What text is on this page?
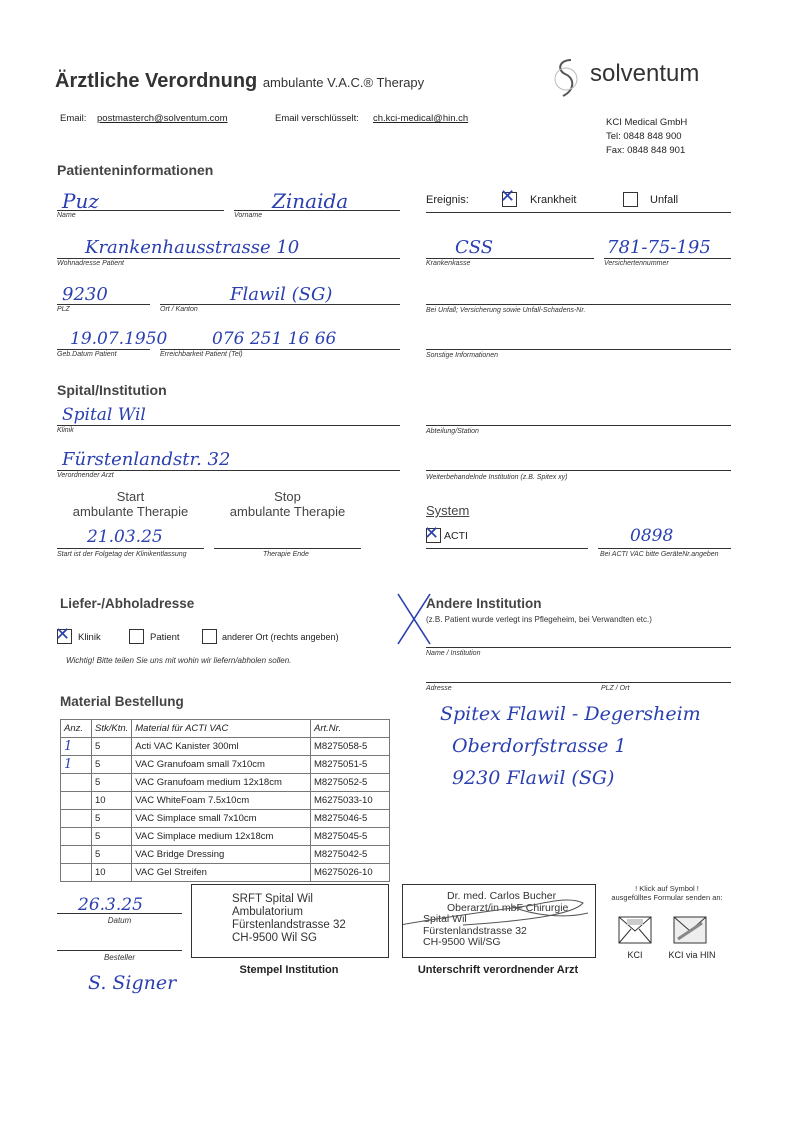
Ärztliche Verordnung ambulante V.A.C.® Therapy	solventum
Email: postmasterch@solventum.com	Email verschlüsselt: ch.kci-medical@hin.ch	KCI Medical GmbH
Tel: 0848 848 900
Fax: 0848 848 901
Patienteninformationen
Puz
Name
Zinaida
Vorname
Ereignis: ✕ Krankheit	Unfall
Krankenhausstrasse 10
Wohnadresse Patient
CSS
Krankenkasse
781-75-195
Versichertennummer
9230
PLZ
Flawil (SG)
Ort / Kanton	Bei Unfall; Versicherung sowie Unfall-Schadens-Nr.
19.07.1950
Geb.Datum Patient
076 251 16 66
Erreichbarkeit Patient (Tel)	Sonstige Informationen
Spital/Institution
Spital Wil
Klinik	Abteilung/Station
Fürstenlandstr. 32
Verordnender Arzt	Weiterbehandelnde Institution (z.B. Spitex xy)
Start
ambulante Therapie
Stop
ambulante Therapie
21.03.25
Start ist der Folgetag der Klinikentlassung	Therapie Ende
System
✕ ACTI	0898
Bei ACTI VAC bitte GeräteNr.angeben
Liefer-/Abholadresse
✕ Klinik	Patient	anderer Ort (rechts angeben)
Wichtig! Bitte teilen Sie uns mit wohin wir liefern/abholen sollen.
Andere Institution
(z.B. Patient wurde verlegt ins Pflegeheim, bei Verwandten etc.)
Name / Institution
Adresse	PLZ / Ort
Spitex Flawil - Degersheim
Oberdorfstrasse 1
9230 Flawil (SG)
Material Bestellung
Anz.	Stk/Ktn.	Material für ACTI VAC	Art.Nr.
1	5	Acti VAC Kanister 300ml	M8275058-5
1	5	VAC Granufoam small 7x10cm	M8275051-5
	5	VAC Granufoam medium 12x18cm	M8275052-5
	10	VAC WhiteFoam 7.5x10cm	M6275033-10
	5	VAC Simplace small 7x10cm	M8275046-5
	5	VAC Simplace medium 12x18cm	M8275045-5
	5	VAC Bridge Dressing	M8275042-5
	10	VAC Gel Streifen	M6275026-10
26.3.25
Datum
Besteller
S. Signer
SRFT Spital Wil
Ambulatorium
Fürstenlandstrasse 32
CH-9500 Wil SG
Stempel Institution
Dr. med. Carlos Bucher
Oberarzt/in mbF Chirurgie
Spital Wil
Fürstenlandstrasse 32
CH-9500 Wil/SG
Unterschrift verordnender Arzt
! Klick auf Symbol !
ausgefülltes Formular senden an:
KCI	KCI via HIN
